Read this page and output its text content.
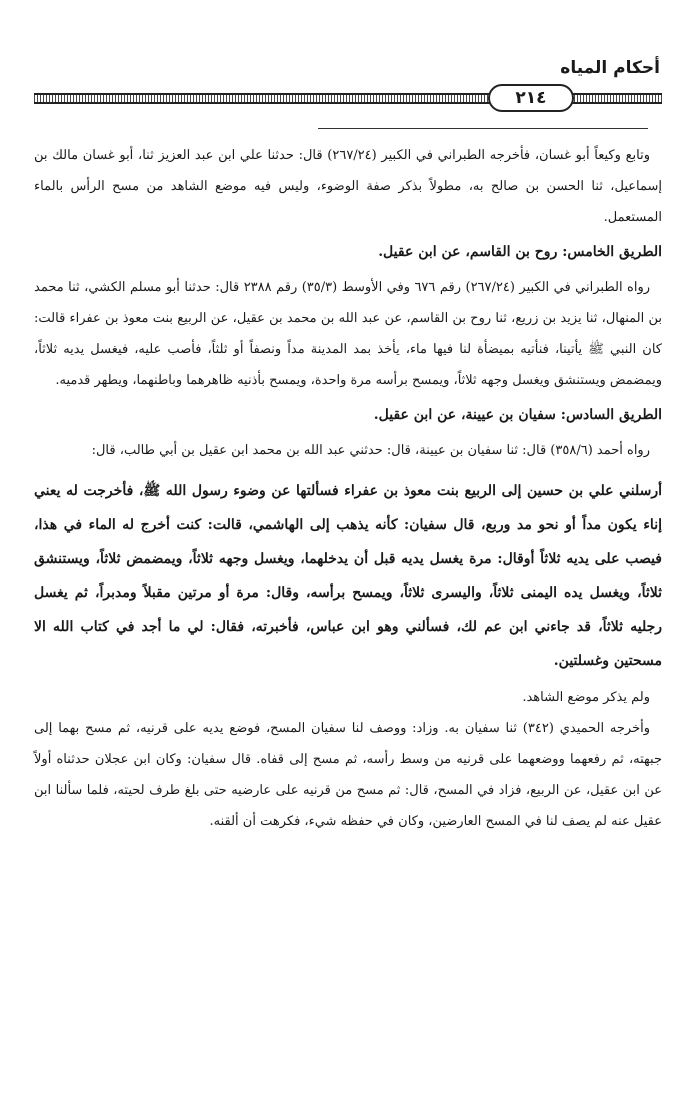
أحكام المياه
٢١٤

وتابع وكيعاً أبو غسان، فأخرجه الطبراني في الكبير (٢٦٧/٢٤) قال: حدثنا علي ابن عبد العزيز ثنا، أبو غسان مالك بن إسماعيل، ثنا الحسن بن صالح به، مطولاً بذكر صفة الوضوء، وليس فيه موضع الشاهد من مسح الرأس بالماء المستعمل.

الطريق الخامس: روح بن القاسم، عن ابن عقيل.

رواه الطبراني في الكبير (٢٦٧/٢٤) رقم ٦٧٦ وفي الأوسط (٣٥/٣) رقم ٢٣٨٨ قال: حدثنا أبو مسلم الكشي، ثنا محمد بن المنهال، ثنا يزيد بن زريع، ثنا روح بن القاسم، عن عبد الله بن محمد بن عقيل، عن الربيع بنت معوذ بن عفراء قالت: كان النبي ﷺ يأتينا، فنأتيه بميضأة لنا فيها ماء، يأخذ بمد المدينة مداً ونصفاً أو ثلثاً، فأصب عليه، فيغسل يديه ثلاثاً، ويمضمض ويستنشق ويغسل وجهه ثلاثاً، ويمسح برأسه مرة واحدة، ويمسح بأذنيه ظاهرهما وباطنهما، ويطهر قدميه.

الطريق السادس: سفيان بن عيينة، عن ابن عقيل.

رواه أحمد (٣٥٨/٦) قال: ثنا سفيان بن عيينة، قال: حدثني عبد الله بن محمد ابن عقيل بن أبي طالب، قال:

أرسلني علي بن حسين إلى الربيع بنت معوذ بن عفراء فسألتها عن وضوء رسول الله ﷺ، فأخرجت له يعني إناء يكون مداً أو نحو مد وربع، قال سفيان: كأنه يذهب إلى الهاشمي، قالت: كنت أخرج له الماء في هذا، فيصب على يديه ثلاثاً أوقال: مرة يغسل يديه قبل أن يدخلهما، ويغسل وجهه ثلاثاً، ويمضمض ثلاثاً، ويستنشق ثلاثاً، ويغسل يده اليمنى ثلاثاً، واليسرى ثلاثاً، ويمسح برأسه، وقال: مرة أو مرتين مقبلاً ومدبراً، ثم يغسل رجليه ثلاثاً، قد جاءني ابن عم لك، فسألني وهو ابن عباس، فأخبرته، فقال: لي ما أجد في كتاب الله الا مسحتين وغسلتين.

ولم يذكر موضع الشاهد.

وأخرجه الحميدي (٣٤٢) ثنا سفيان به. وزاد: ووصف لنا سفيان المسح، فوضع يديه على قرنيه، ثم مسح بهما إلى جبهته، ثم رفعهما ووضعهما على قرنيه من وسط رأسه، ثم مسح إلى قفاه. قال سفيان: وكان ابن عجلان حدثناه أولاً عن ابن عقيل، عن الربيع، فزاد في المسح، قال: ثم مسح من قرنيه على عارضيه حتى بلغ طرف لحيته، فلما سألنا ابن عقيل عنه لم يصف لنا في المسح العارضين، وكان في حفظه شيء، فكرهت أن ألقنه.
